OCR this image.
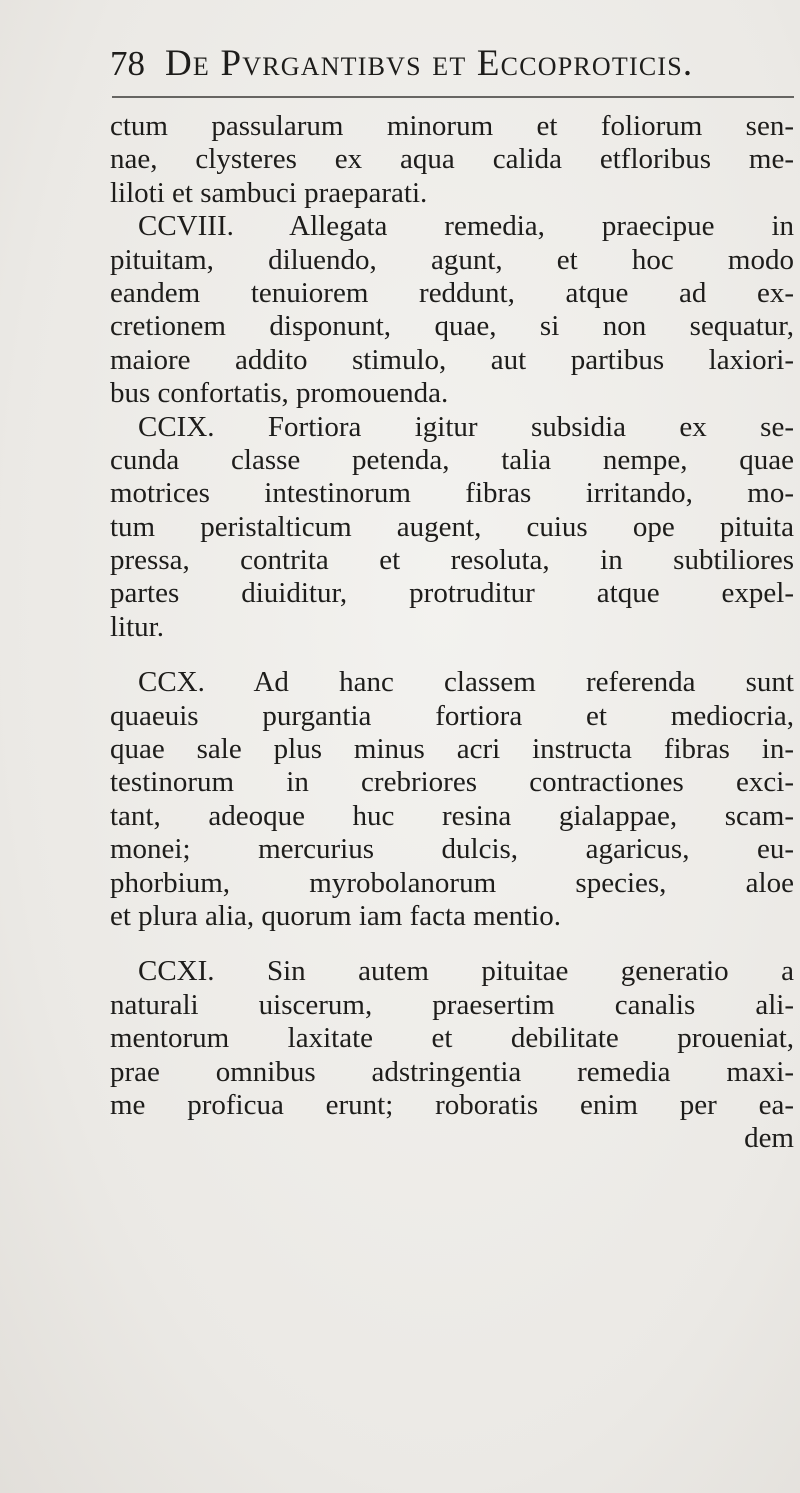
78 De Pvrgantibvs et Eccoproticis.
ctum passularum minorum et foliorum sen-
nae, clysteres ex aqua calida etfloribus me-
liloti et sambuci praeparati.
CCVIII. Allegata remedia, praecipue in
pituitam, diluendo, agunt, et hoc modo
eandem tenuiorem reddunt, atque ad ex-
cretionem disponunt, quae, si non sequatur,
maiore addito stimulo, aut partibus laxiori-
bus confortatis, promouenda.
CCIX. Fortiora igitur subsidia ex se-
cunda classe petenda, talia nempe, quae
motrices intestinorum fibras irritando, mo-
tum peristalticum augent, cuius ope pituita
pressa, contrita et resoluta, in subtiliores
partes diuiditur, protruditur atque expel-
litur.
CCX. Ad hanc classem referenda sunt
quaeuis purgantia fortiora et mediocria,
quae sale plus minus acri instructa fibras in-
testinorum in crebriores contractiones exci-
tant, adeoque huc resina gialappae, scam-
monei; mercurius dulcis, agaricus, eu-
phorbium, myrobolanorum species, aloe
et plura alia, quorum iam facta mentio.
CCXI. Sin autem pituitae generatio a
naturali uiscerum, praesertim canalis ali-
mentorum laxitate et debilitate proueniat,
prae omnibus adstringentia remedia maxi-
me proficua erunt; roboratis enim per ea-
dem
